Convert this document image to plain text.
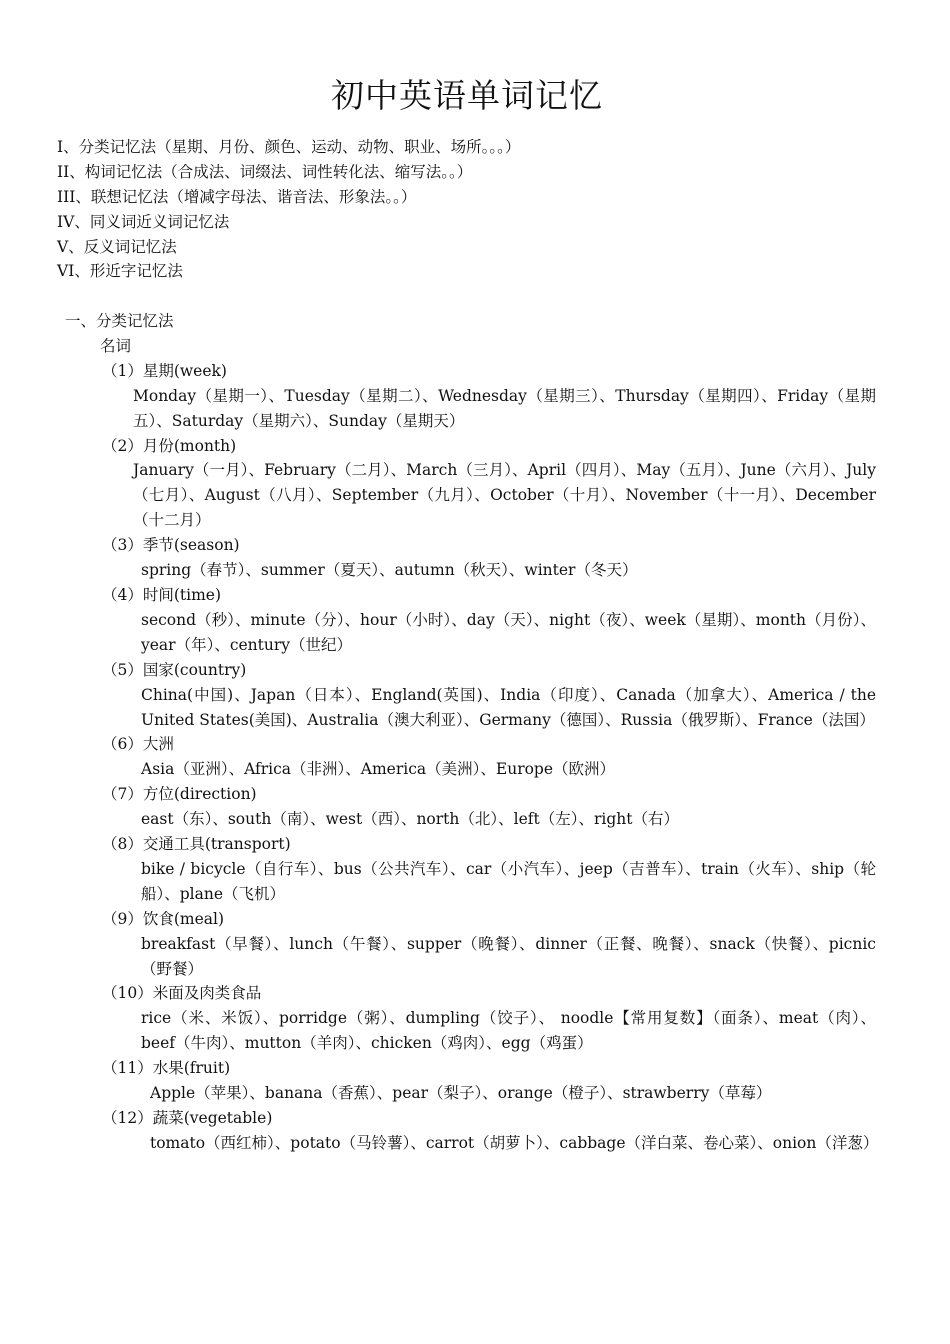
初中英语单词记忆
I、分类记忆法（星期、月份、颜色、运动、动物、职业、场所。。。）
II、构词记忆法（合成法、词缀法、词性转化法、缩写法。。）
III、联想记忆法（增减字母法、谐音法、形象法。。）
IV、同义词近义词记忆法
V、反义词记忆法
VI、形近字记忆法
一、分类记忆法
名词
（1）星期(week)
Monday（星期一）、Tuesday（星期二）、Wednesday（星期三）、Thursday（星期四）、Friday（星期五）、Saturday（星期六）、Sunday（星期天）
（2）月份(month)
January（一月）、February（二月）、March（三月）、April（四月）、May（五月）、June（六月）、July（七月）、August（八月）、September（九月）、October（十月）、November（十一月）、December（十二月）
（3）季节(season)
spring（春节）、summer（夏天）、autumn（秋天）、winter（冬天）
（4）时间(time)
second（秒）、minute（分）、hour（小时）、day（天）、night（夜）、week（星期）、month（月份）、year（年）、century（世纪）
（5）国家(country)
China(中国)、Japan（日本）、England(英国)、India（印度）、Canada（加拿大）、America / the United States(美国)、Australia（澳大利亚）、Germany（德国）、Russia（俄罗斯）、France（法国）
（6）大洲
Asia（亚洲）、Africa（非洲）、America（美洲）、Europe（欧洲）
（7）方位(direction)
east（东）、south（南）、west（西）、north（北）、left（左）、right（右）
（8）交通工具(transport)
bike / bicycle（自行车）、bus（公共汽车）、car（小汽车）、jeep（吉普车）、train（火车）、ship（轮船）、plane（飞机）
（9）饮食(meal)
breakfast（早餐）、lunch（午餐）、supper（晚餐）、dinner（正餐、晚餐）、snack（快餐）、picnic（野餐）
（10）米面及肉类食品
rice（米、米饭）、porridge（粥）、dumpling（饺子）、 noodle【常用复数】（面条）、meat（肉）、beef（牛肉）、mutton（羊肉）、chicken（鸡肉）、egg（鸡蛋）
（11）水果(fruit)
Apple（苹果）、banana（香蕉）、pear（梨子）、orange（橙子）、strawberry（草莓）
（12）蔬菜(vegetable)
tomato（西红柿）、potato（马铃薯）、carrot（胡萝卜）、cabbage（洋白菜、卷心菜）、onion（洋葱）
